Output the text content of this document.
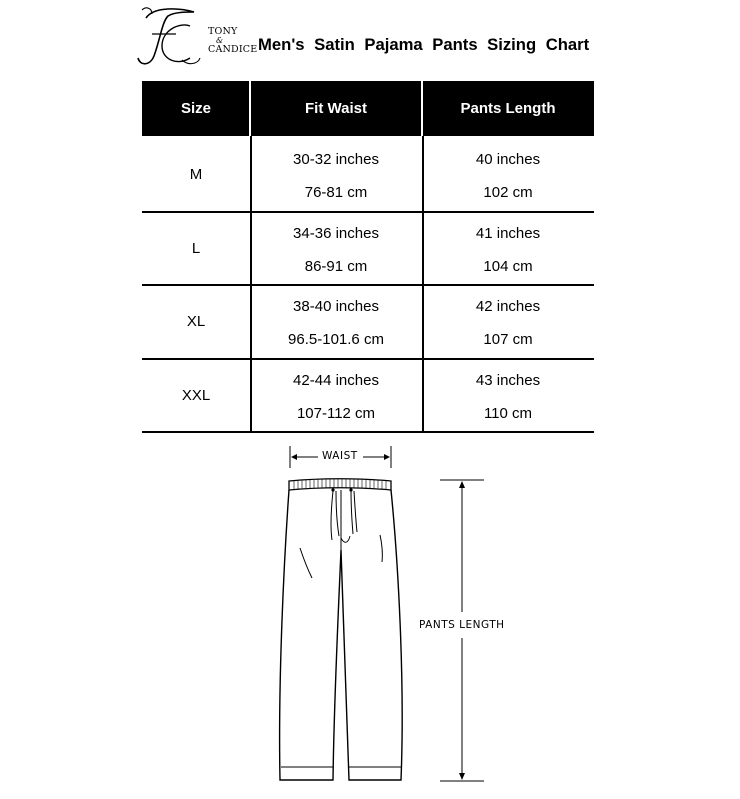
TONY
&
CANDICE Men's Satin Pajama Pants Sizing Chart
Size	Fit Waist	Pants Length
M
30-32 inches
76-81 cm
40 inches
102 cm
L
34-36 inches
86-91 cm
41 inches
104 cm
XL
38-40 inches
96.5-101.6 cm
42 inches
107 cm
XXL
42-44 inches
107-112 cm
43 inches
110 cm
WAIST
PANTS LENGTH
